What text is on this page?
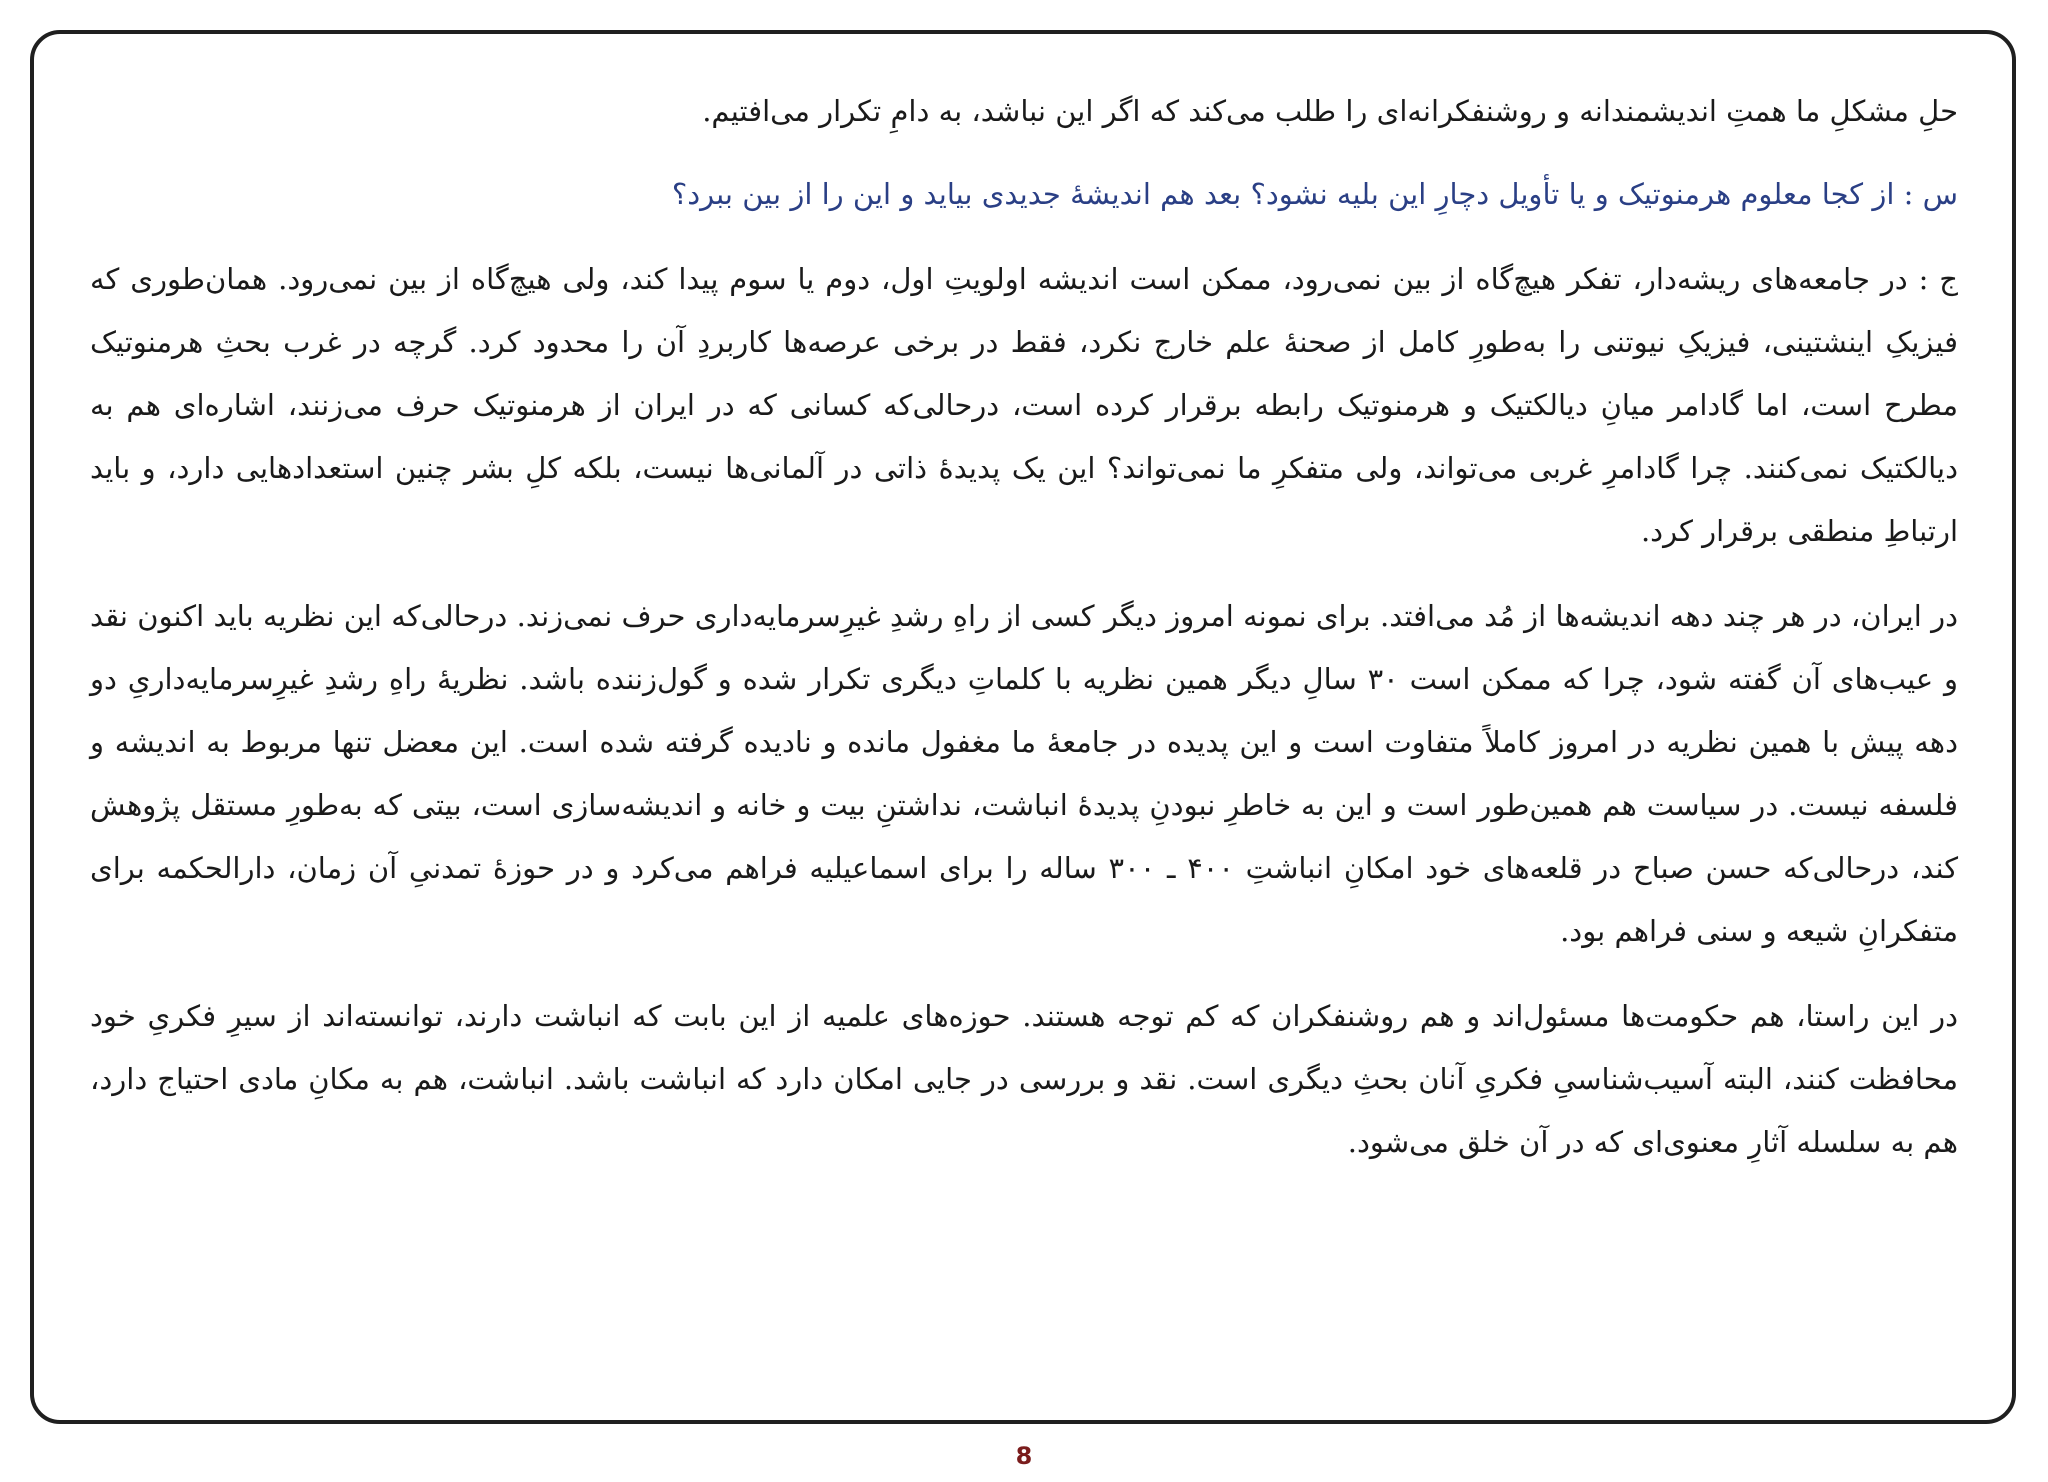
حلِ مشکلِ ما همتِ اندیشمندانه و روشنفکرانه‌ای را طلب می‌کند که اگر این نباشد، به دامِ تکرار می‌افتیم.

س : از کجا معلوم هرمنوتیک و یا تأویل دچارِ این بلیه نشود؟ بعد هم اندیشهٔ جدیدی بیاید و این را از بین ببرد؟

ج : در جامعه‌های ریشه‌دار، تفکر هیچ‌گاه از بین نمی‌رود، ممکن است اندیشه اولویتِ اول، دوم یا سوم پیدا کند، ولی هیچ‌گاه از بین نمی‌رود. همان‌طوری که فیزیکِ اینشتینی، فیزیکِ نیوتنی را به‌طورِ کامل از صحنهٔ علم خارج نکرد، فقط در برخی عرصه‌ها کاربردِ آن را محدود کرد. گرچه در غرب بحثِ هرمنوتیک مطرح است، اما گادامر میانِ دیالکتیک و هرمنوتیک رابطه برقرار کرده است، درحالی‌که کسانی که در ایران از هرمنوتیک حرف می‌زنند، اشاره‌ای هم به دیالکتیک نمی‌کنند. چرا گادامرِ غربی می‌تواند، ولی متفکرِ ما نمی‌تواند؟ این یک پدیدهٔ ذاتی در آلمانی‌ها نیست، بلکه کلِ بشر چنین استعدادهایی دارد، و باید ارتباطِ منطقی برقرار کرد.

در ایران، در هر چند دهه اندیشه‌ها از مُد می‌افتد. برای نمونه امروز دیگر کسی از راهِ رشدِ غیرِسرمایه‌داری حرف نمی‌زند. درحالی‌که این نظریه باید اکنون نقد و عیب‌های آن گفته شود، چرا که ممکن است ۳۰ سالِ دیگر همین نظریه با کلماتِ دیگری تکرار شده و گول‌زننده باشد. نظریهٔ راهِ رشدِ غیرِسرمایه‌داریِ دو دهه پیش با همین نظریه در امروز کاملاً متفاوت است و این پدیده در جامعهٔ ما مغفول مانده و نادیده گرفته شده است. این معضل تنها مربوط به اندیشه و فلسفه نیست. در سیاست هم همین‌طور است و این به خاطرِ نبودنِ پدیدهٔ انباشت، نداشتنِ بیت و خانه و اندیشه‌سازی است، بیتی که به‌طورِ مستقل پژوهش کند، درحالی‌که حسن صباح در قلعه‌های خود امکانِ انباشتِ ۴۰۰ ـ ۳۰۰ ساله را برای اسماعیلیه فراهم می‌کرد و در حوزهٔ تمدنیِ آن زمان، دارالحکمه برای متفکرانِ شیعه و سنی فراهم بود.

در این راستا، هم حکومت‌ها مسئول‌اند و هم روشنفکران که کم توجه هستند. حوزه‌های علمیه از این بابت که انباشت دارند، توانسته‌اند از سیرِ فکریِ خود محافظت کنند، البته آسیب‌شناسیِ فکریِ آنان بحثِ دیگری است. نقد و بررسی در جایی امکان دارد که انباشت باشد. انباشت، هم به مکانِ مادی احتیاج دارد، هم به سلسله آثارِ معنوی‌ای که در آن خلق می‌شود.

8
